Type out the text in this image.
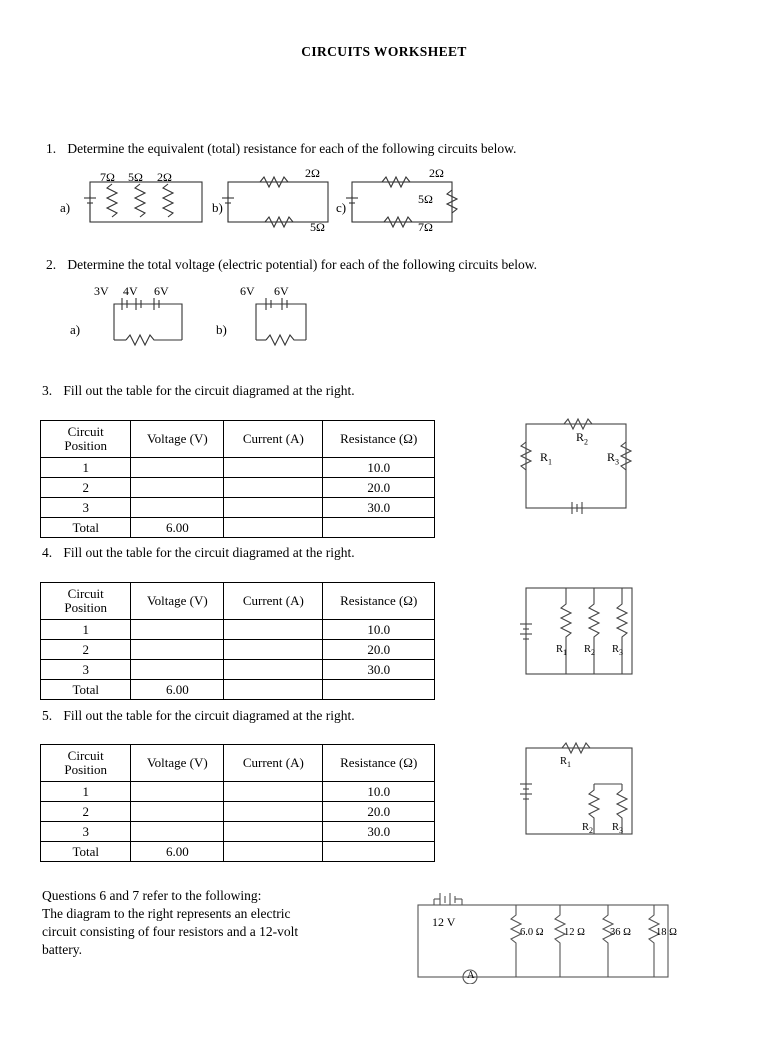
CIRCUITS WORKSHEET
1. Determine the equivalent (total) resistance for each of the following circuits below.
a)	b)	c)
2Ω	2Ω
5Ω
5Ω
7Ω
7Ω 5Ω 2Ω
2. Determine the total voltage (electric potential) for each of the following circuits below.
a)	b)
3V 4V 6V	6V 6V
3. Fill out the table for the circuit diagramed at the right.
Circuit
Position	Voltage (V)	Current (A)	Resistance (Ω)
1			10.0
2			20.0
3			30.0
Total	6.00		
$R_1$
$R_2$
$R_3$
4. Fill out the table for the circuit diagramed at the right.
Circuit
Position	Voltage (V)	Current (A)	Resistance (Ω)
1			10.0
2			20.0
3			30.0
Total	6.00		
$R_1$ $R_2$ $R_3$
5. Fill out the table for the circuit diagramed at the right.
Circuit
Position	Voltage (V)	Current (A)	Resistance (Ω)
1			10.0
2			20.0
3			30.0
Total	6.00		
$R_1$
$R_2$ $R_3$
Questions 6 and 7 refer to the following:
The diagram to the right represents an electric
circuit consisting of four resistors and a 12-volt
battery.
12 V
6.0 Ω 12 Ω 36 Ω 18 Ω
A
